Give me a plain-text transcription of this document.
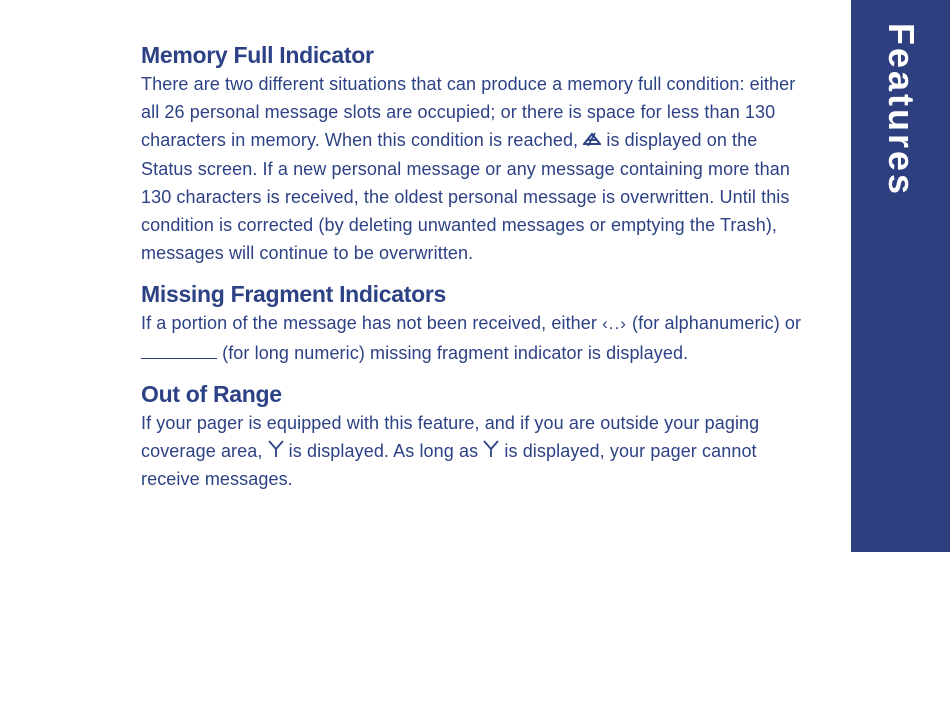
Memory Full Indicator

There are two different situations that can produce a memory full condition: either all 26 personal message slots are occupied; or there is space for less than 130 characters in memory. When this condition is reached,  is displayed on the Status screen. If a new personal message or any message containing more than 130 characters is received, the oldest personal message is overwritten. Until this condition is corrected (by deleting unwanted messages or emptying the Trash), messages will continue to be overwritten.

Missing Fragment Indicators

If a portion of the message has not been received, either ‹..› (for alphanumeric) or  (for long numeric) missing fragment indicator is displayed.

Out of Range

If your pager is equipped with this feature, and if you are outside your paging coverage area,  is displayed. As long as  is displayed, your pager cannot receive messages.

Features
